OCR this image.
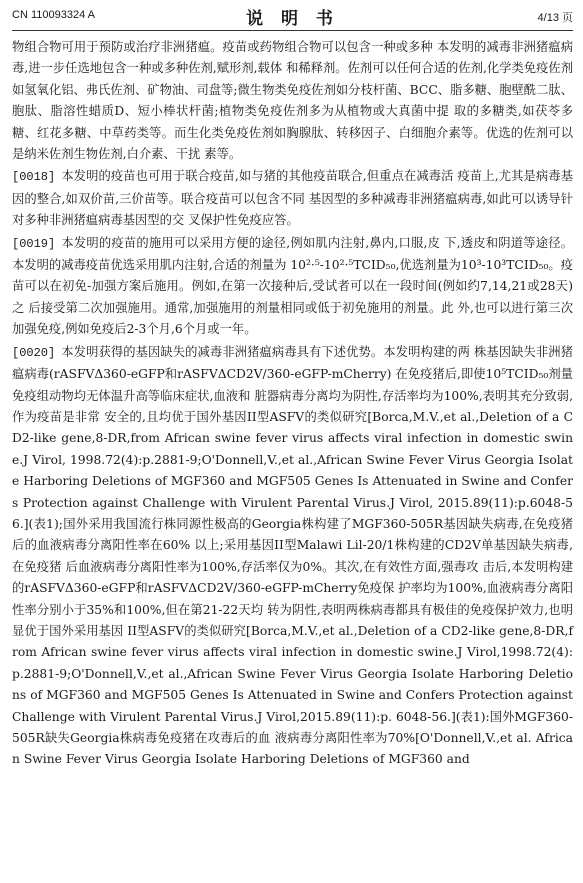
CN 110093324 A	说 明 书	4/13 页

物组合物可用于预防或治疗非洲猪瘟。疫苗或药物组合物可以包含一种或多种 本发明的减毒非洲猪瘟病毒,进一步任选地包含一种或多种佐剂,赋形剂,载体 和稀释剂。佐剂可以任何合适的佐剂,化学类免疫佐剂如氢氧化铝、弗氏佐剂、矿物油、司盘等;微生物类免疫佐剂如分枝杆菌、BCC、脂多糖、胞壁酰二肽、胞肽、脂溶性蜡质D、短小棒状杆菌;植物类免疫佐剂多为从植物或大真菌中提 取的多糖类,如茯苓多糖、红花多糖、中草药类等。而生化类免疫佐剂如胸腺肽、转移因子、白细胞介素等。优选的佐剂可以是纳米佐剂生物佐剂,白介素、干扰 素等。

[0018] 本发明的疫苗也可用于联合疫苗,如与猪的其他疫苗联合,但重点在减毒活 疫苗上,尤其是病毒基因的整合,如双价苗,三价苗等。联合疫苗可以包含不同 基因型的多种减毒非洲猪瘟病毒,如此可以诱导针对多种非洲猪瘟病毒基因型的交 叉保护性免疫应答。

[0019] 本发明的疫苗的施用可以采用方便的途径,例如肌内注射,鼻内,口服,皮 下,透皮和阴道等途径。本发明的减毒疫苗优选采用肌内注射,合适的剂量为 10²·⁵-10²·⁵TCID₅₀,优选剂量为10³-10³TCID₅₀。疫苗可以在初免-加强方案后施用。例如,在第一次接种后,受试者可以在一段时间(例如约7,14,21或28天)之 后接受第二次加强施用。通常,加强施用的剂量相同或低于初免施用的剂量。此 外,也可以进行第三次加强免疫,例如免疫后2-3个月,6个月或一年。

[0020] 本发明获得的基因缺失的减毒非洲猪瘟病毒具有下述优势。本发明构建的两 株基因缺失非洲猪瘟病毒(rASFVΔ360-eGFP和rASFVΔCD2V/360-eGFP-mCherry) 在免疫猪后,即使10⁵TCID₅₀剂量免疫组动物均无体温升高等临床症状,血液和 脏器病毒分离均为阴性,存活率均为100%,表明其充分致弱,作为疫苗是非常 安全的,且均优于国外基因II型ASFV的类似研究[Borca,M.V.,et al.,Deletion of a CD2-like gene,8-DR,from African swine fever virus affects viral infection in domestic swine.J Virol, 1998.72(4):p.2881-9;O'Donnell,V.,et al.,African Swine Fever Virus Georgia Isolate Harboring Deletions of MGF360 and MGF505 Genes Is Attenuated in Swine and Confers Protection against Challenge with Virulent Parental Virus.J Virol, 2015.89(11):p.6048-56.](表1);国外采用我国流行株同源性极高的Georgia株构建了MGF360-505R基因缺失病毒,在免疫猪后的血液病毒分离阳性率在60% 以上;采用基因II型Malawi Lil-20/1株构建的CD2V单基因缺失病毒,在免疫猪 后血液病毒分离阳性率为100%,存活率仅为0%。其次,在有效性方面,强毒攻 击后,本发明构建的rASFVΔ360-eGFP和rASFVΔCD2V/360-eGFP-mCherry免疫保 护率均为100%,血液病毒分离阳性率分别小于35%和100%,但在第21-22天均 转为阴性,表明两株病毒都具有极佳的免疫保护效力,也明显优于国外采用基因 II型ASFV的类似研究[Borca,M.V.,et al.,Deletion of a CD2-like gene,8-DR,from African swine fever virus affects viral infection in domestic swine.J Virol,1998.72(4):p.2881-9;O'Donnell,V.,et al.,African Swine Fever Virus Georgia Isolate Harboring Deletions of MGF360 and MGF505 Genes Is Attenuated in Swine and Confers Protection against Challenge with Virulent Parental Virus.J Virol,2015.89(11):p. 6048-56.](表1):国外MGF360-505R缺失Georgia株病毒免疫猪在攻毒后的血 液病毒分离阳性率为70%[O'Donnell,V.,et al. African Swine Fever Virus Georgia Isolate Harboring Deletions of MGF360 and
